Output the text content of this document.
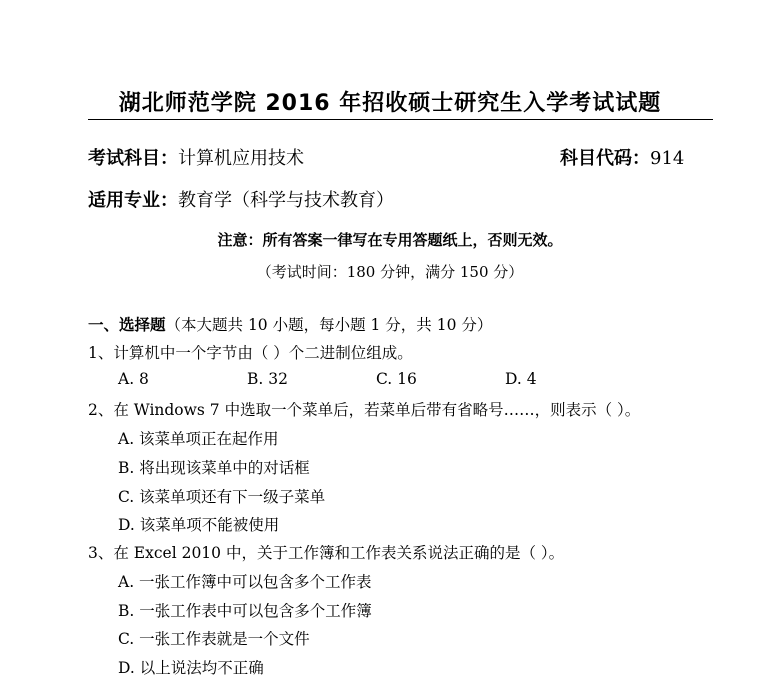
湖北师范学院 2016 年招收硕士研究生入学考试试题
考试科目：计算机应用技术	科目代码：914
适用专业：教育学（科学与技术教育）
注意：所有答案一律写在专用答题纸上，否则无效。
（考试时间：180 分钟，满分 150 分）
一、选择题（本大题共 10 小题，每小题 1 分，共 10 分）
1、计算机中一个字节由（ ）个二进制位组成。
A. 8	B. 32	C. 16	D. 4
2、在 Windows 7 中选取一个菜单后，若菜单后带有省略号……，则表示（ ）。
A. 该菜单项正在起作用
B. 将出现该菜单中的对话框
C. 该菜单项还有下一级子菜单
D. 该菜单项不能被使用
3、在 Excel 2010 中，关于工作簿和工作表关系说法正确的是（ ）。
A. 一张工作簿中可以包含多个工作表
B. 一张工作表中可以包含多个工作簿
C. 一张工作表就是一个文件
D. 以上说法均不正确
